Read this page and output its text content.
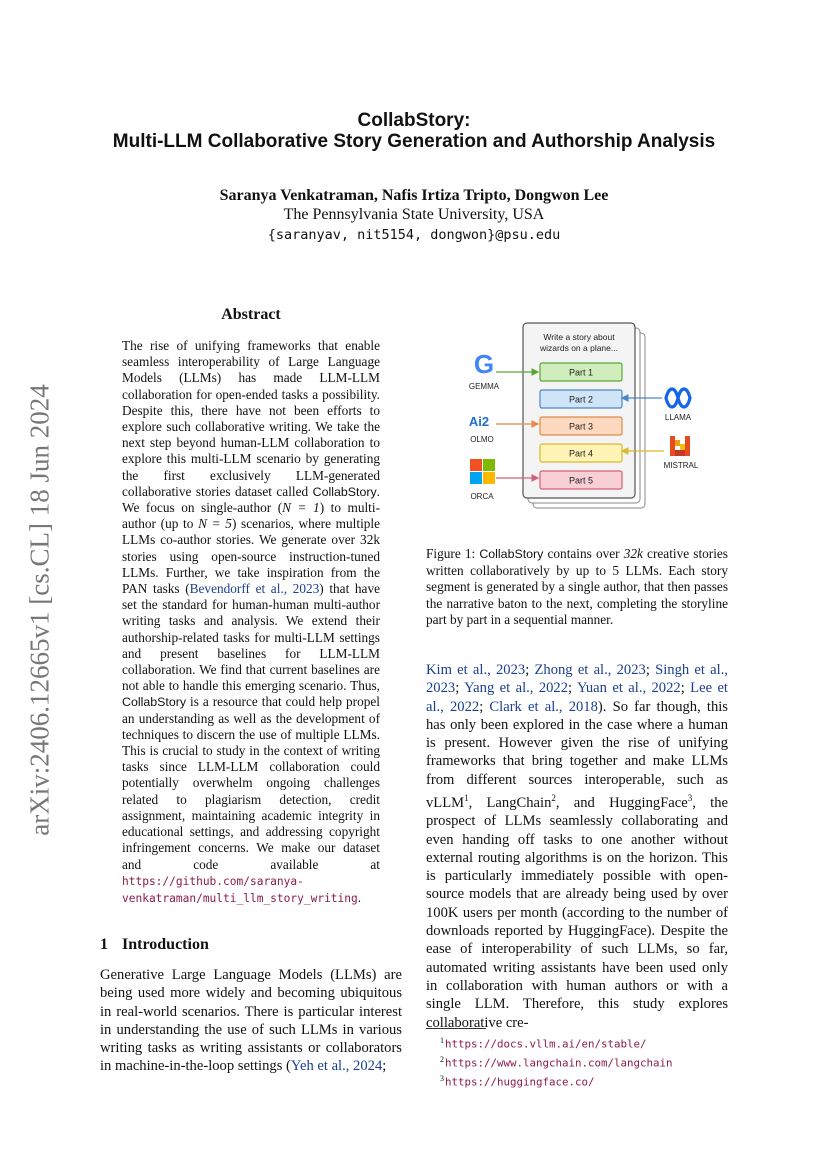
arXiv:2406.12665v1 [cs.CL] 18 Jun 2024
CollabStory:
Multi-LLM Collaborative Story Generation and Authorship Analysis
Saranya Venkatraman, Nafis Irtiza Tripto, Dongwon Lee
The Pennsylvania State University, USA
{saranyav, nit5154, dongwon}@psu.edu
Abstract
The rise of unifying frameworks that enable seamless interoperability of Large Language Models (LLMs) has made LLM-LLM collaboration for open-ended tasks a possibility. Despite this, there have not been efforts to explore such collaborative writing. We take the next step beyond human-LLM collaboration to explore this multi-LLM scenario by generating the first exclusively LLM-generated collaborative stories dataset called CollabStory. We focus on single-author (N = 1) to multi-author (up to N = 5) scenarios, where multiple LLMs co-author stories. We generate over 32k stories using open-source instruction-tuned LLMs. Further, we take inspiration from the PAN tasks (Bevendorff et al., 2023) that have set the standard for human-human multi-author writing tasks and analysis. We extend their authorship-related tasks for multi-LLM settings and present baselines for LLM-LLM collaboration. We find that current baselines are not able to handle this emerging scenario. Thus, CollabStory is a resource that could help propel an understanding as well as the development of techniques to discern the use of multiple LLMs. This is crucial to study in the context of writing tasks since LLM-LLM collaboration could potentially overwhelm ongoing challenges related to plagiarism detection, credit assignment, maintaining academic integrity in educational settings, and addressing copyright infringement concerns. We make our dataset and code available at https://github.com/saranya-venkatraman/multi_llm_story_writing.
1 Introduction
Generative Large Language Models (LLMs) are being used more widely and becoming ubiquitous in real-world scenarios. There is particular interest in understanding the use of such LLMs in various writing tasks as writing assistants or collaborators in machine-in-the-loop settings (Yeh et al., 2024;
Write a story about
wizards on a plane...
Part 1
Part 2
Part 3
Part 4
Part 5
G
GEMMA
Ai2
OLMO
ORCA
LLAMA
MISTRAL
Figure 1: CollabStory contains over 32k creative stories written collaboratively by up to 5 LLMs. Each story segment is generated by a single author, that then passes the narrative baton to the next, completing the storyline part by part in a sequential manner.
Kim et al., 2023; Zhong et al., 2023; Singh et al., 2023; Yang et al., 2022; Yuan et al., 2022; Lee et al., 2022; Clark et al., 2018). So far though, this has only been explored in the case where a human is present. However given the rise of unifying frameworks that bring together and make LLMs from different sources interoperable, such as vLLM$^1$, LangChain$^2$, and HuggingFace$^3$, the prospect of LLMs seamlessly collaborating and even handing off tasks to one another without external routing algorithms is on the horizon. This is particularly immediately possible with open-source models that are already being used by over 100K users per month (according to the number of downloads reported by HuggingFace). Despite the ease of interoperability of such LLMs, so far, automated writing assistants have been used only in collaboration with human authors or with a single LLM. Therefore, this study explores collaborative cre-
$^1$https://docs.vllm.ai/en/stable/
$^2$https://www.langchain.com/langchain
$^3$https://huggingface.co/
